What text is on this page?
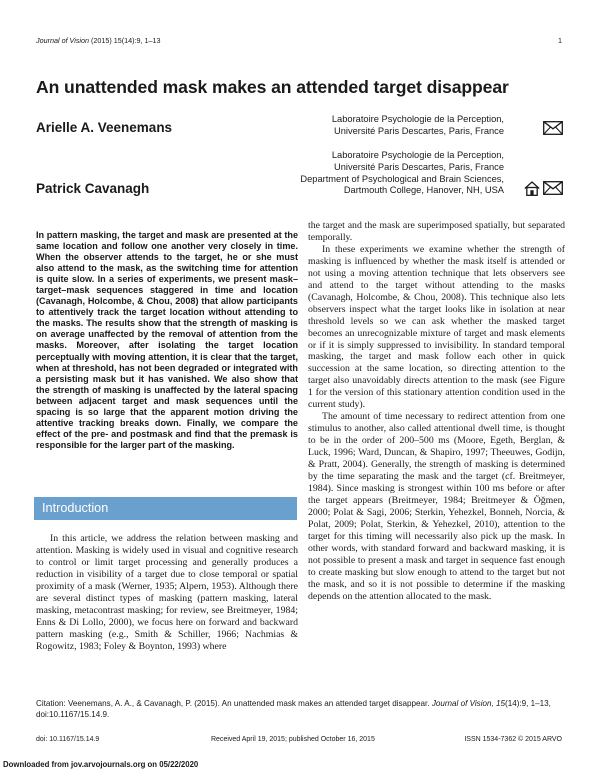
Journal of Vision (2015) 15(14):9, 1–13	1
An unattended mask makes an attended target disappear
Arielle A. Veenemans
Laboratoire Psychologie de la Perception,
Université Paris Descartes, Paris, France
Patrick Cavanagh
Laboratoire Psychologie de la Perception,
Université Paris Descartes, Paris, France
Department of Psychological and Brain Sciences,
Dartmouth College, Hanover, NH, USA
In pattern masking, the target and mask are presented at the same location and follow one another very closely in time. When the observer attends to the target, he or she must also attend to the mask, as the switching time for attention is quite slow. In a series of experiments, we present mask–target–mask sequences staggered in time and location (Cavanagh, Holcombe, & Chou, 2008) that allow participants to attentively track the target location without attending to the masks. The results show that the strength of masking is on average unaffected by the removal of attention from the masks. Moreover, after isolating the target location perceptually with moving attention, it is clear that the target, when at threshold, has not been degraded or integrated with a persisting mask but it has vanished. We also show that the strength of masking is unaffected by the lateral spacing between adjacent target and mask sequences until the spacing is so large that the apparent motion driving the attentive tracking breaks down. Finally, we compare the effect of the pre- and postmask and find that the premask is responsible for the larger part of the masking.
Introduction
In this article, we address the relation between masking and attention. Masking is widely used in visual and cognitive research to control or limit target processing and generally produces a reduction in visibility of a target due to close temporal or spatial proximity of a mask (Werner, 1935; Alpern, 1953). Although there are several distinct types of masking (pattern masking, lateral masking, metacontrast masking; for review, see Breitmeyer, 1984; Enns & Di Lollo, 2000), we focus here on forward and backward pattern masking (e.g., Smith & Schiller, 1966; Nachmias & Rogowitz, 1983; Foley & Boynton, 1993) where

the target and the mask are superimposed spatially, but separated temporally.

In these experiments we examine whether the strength of masking is influenced by whether the mask itself is attended or not using a moving attention technique that lets observers see and attend to the target without attending to the masks (Cavanagh, Holcombe, & Chou, 2008). This technique also lets observers inspect what the target looks like in isolation at near threshold levels so we can ask whether the masked target becomes an unrecognizable mixture of target and mask elements or if it is simply suppressed to invisibility. In standard temporal masking, the target and mask follow each other in quick succession at the same location, so directing attention to the target also unavoidably directs attention to the mask (see Figure 1 for the version of this stationary attention condition used in the current study).

The amount of time necessary to redirect attention from one stimulus to another, also called attentional dwell time, is thought to be in the order of 200–500 ms (Moore, Egeth, Berglan, & Luck, 1996; Ward, Duncan, & Shapiro, 1997; Theeuwes, Godijn, & Pratt, 2004). Generally, the strength of masking is determined by the time separating the mask and the target (cf. Breitmeyer, 1984). Since masking is strongest within 100 ms before or after the target appears (Breitmeyer, 1984; Breitmeyer & Öğmen, 2000; Polat & Sagi, 2006; Sterkin, Yehezkel, Bonneh, Norcia, & Polat, 2009; Polat, Sterkin, & Yehezkel, 2010), attention to the target for this timing will necessarily also pick up the mask. In other words, with standard forward and backward masking, it is not possible to present a mask and target in sequence fast enough to create masking but slow enough to attend to the target but not the mask, and so it is not possible to determine if the masking depends on the attention allocated to the mask.

Citation: Veenemans, A. A., & Cavanagh, P. (2015). An unattended mask makes an attended target disappear. Journal of Vision, 15(14):9, 1–13, doi:10.1167/15.14.9.
doi: 10.1167/15.14.9	Received April 19, 2015; published October 16, 2015	ISSN 1534-7362 © 2015 ARVO
Downloaded from jov.arvojournals.org on 05/22/2020
